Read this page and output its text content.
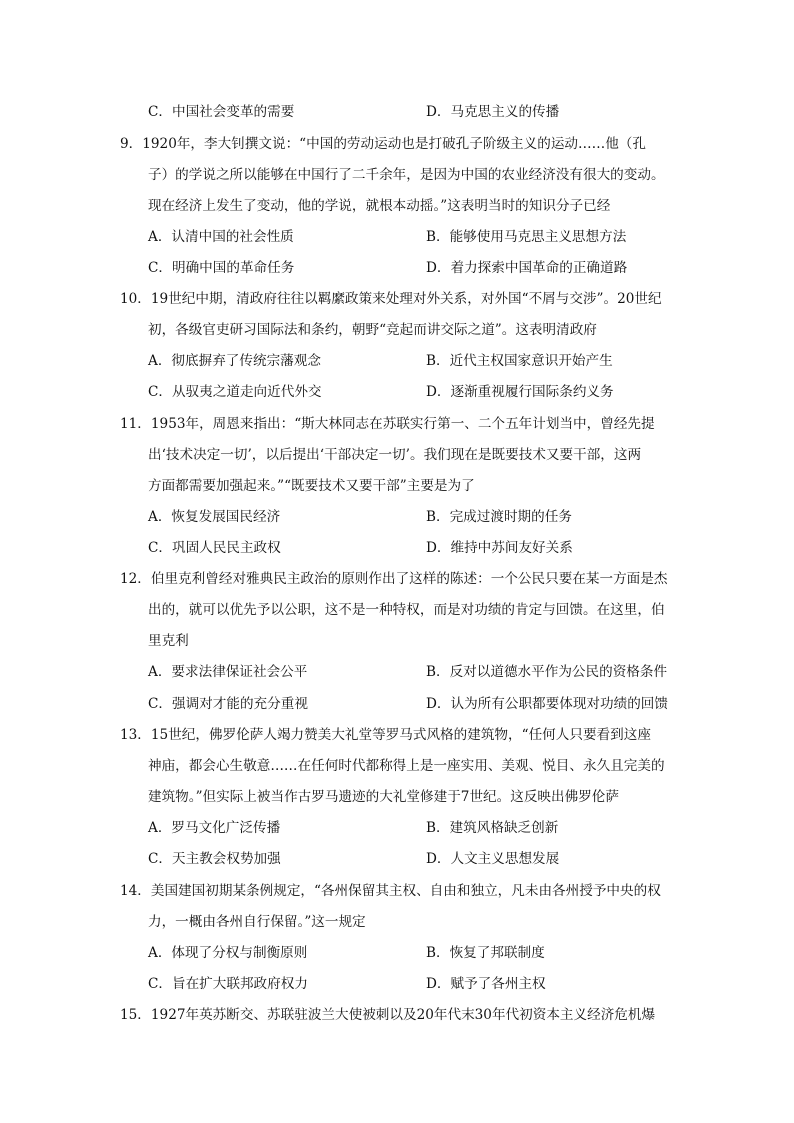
C．中国社会变革的需要	D．马克思主义的传播
9．1920年，李大钊撰文说：“中国的劳动运动也是打破孔子阶级主义的运动……他（孔
子）的学说之所以能够在中国行了二千余年，是因为中国的农业经济没有很大的变动。
现在经济上发生了变动，他的学说，就根本动摇。”这表明当时的知识分子已经
A．认清中国的社会性质	B．能够使用马克思主义思想方法
C．明确中国的革命任务	D．着力探索中国革命的正确道路
10．19世纪中期，清政府往往以羁縻政策来处理对外关系，对外国“不屑与交涉”。20世纪
初，各级官吏研习国际法和条约，朝野“竞起而讲交际之道”。这表明清政府
A．彻底摒弃了传统宗藩观念	B．近代主权国家意识开始产生
C．从驭夷之道走向近代外交	D．逐渐重视履行国际条约义务
11．1953年，周恩来指出：“斯大林同志在苏联实行第一、二个五年计划当中，曾经先提
出‘技术决定一切’，以后提出‘干部决定一切’。我们现在是既要技术又要干部，这两
方面都需要加强起来。”“既要技术又要干部”主要是为了
A．恢复发展国民经济	B．完成过渡时期的任务
C．巩固人民民主政权	D．维持中苏间友好关系
12．伯里克利曾经对雅典民主政治的原则作出了这样的陈述：一个公民只要在某一方面是杰
出的，就可以优先予以公职，这不是一种特权，而是对功绩的肯定与回馈。在这里，伯
里克利
A．要求法律保证社会公平	B．反对以道德水平作为公民的资格条件
C．强调对才能的充分重视	D．认为所有公职都要体现对功绩的回馈
13．15世纪，佛罗伦萨人竭力赞美大礼堂等罗马式风格的建筑物，“任何人只要看到这座
神庙，都会心生敬意……在任何时代都称得上是一座实用、美观、悦目、永久且完美的
建筑物。”但实际上被当作古罗马遗迹的大礼堂修建于7世纪。这反映出佛罗伦萨
A．罗马文化广泛传播	B．建筑风格缺乏创新
C．天主教会权势加强	D．人文主义思想发展
14．美国建国初期某条例规定，“各州保留其主权、自由和独立，凡未由各州授予中央的权
力，一概由各州自行保留。”这一规定
A．体现了分权与制衡原则	B．恢复了邦联制度
C．旨在扩大联邦政府权力	D．赋予了各州主权
15．1927年英苏断交、苏联驻波兰大使被刺以及20年代末30年代初资本主义经济危机爆
